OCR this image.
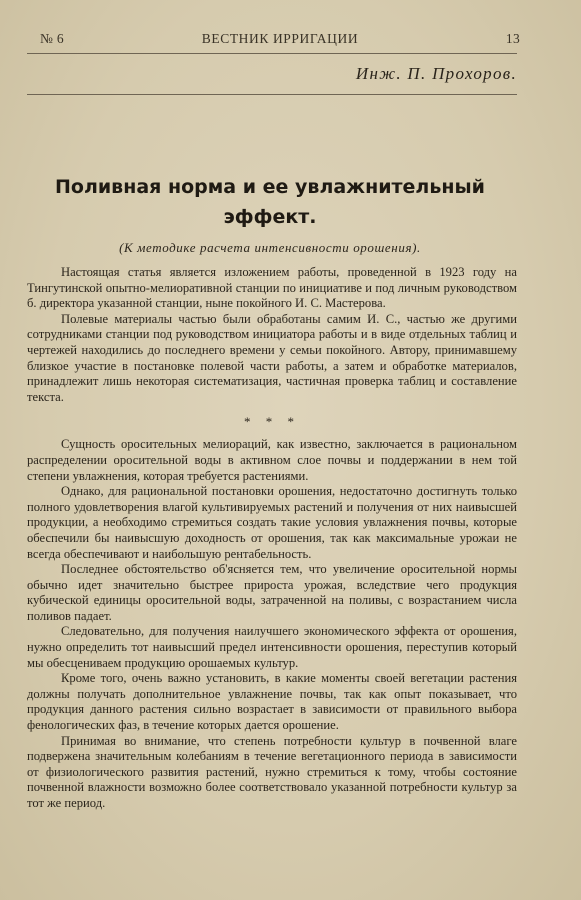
№ 6	ВЕСТНИК ИРРИГАЦИИ	13
Инж. П. Прохоров.
Поливная норма и ее увлажнительный
эффект.
(К методике расчета интенсивности орошения).

Настоящая статья является изложением работы, проведенной в 1923 году на Тингутинской опытно-мелиоративной станции по инициативе и под личным руководством б. директора указанной станции, ныне покойного И. С. Мастерова.

Полевые материалы частью были обработаны самим И. С., частью же другими сотрудниками станции под руководством инициатора работы и в виде отдельных таблиц и чертежей находились до последнего времени у семьи покойного. Автору, принимавшему близкое участие в постановке полевой части работы, а затем и обработке материалов, принадлежит лишь некоторая систематизация, частичная проверка таблиц и составление текста.

* * *

Сущность оросительных мелиораций, как известно, заключается в рациональном распределении оросительной воды в активном слое почвы и поддержании в нем той степени увлажнения, которая требуется растениями.

Однако, для рациональной постановки орошения, недостаточно достигнуть только полного удовлетворения влагой культивируемых растений и получения от них наивысшей продукции, а необходимо стремиться создать такие условия увлажнения почвы, которые обеспечили бы наивысшую доходность от орошения, так как максимальные урожаи не всегда обеспечивают и наибольшую рентабельность.

Последнее обстоятельство об'ясняется тем, что увеличение оросительной нормы обычно идет значительно быстрее прироста урожая, вследствие чего продукция кубической единицы оросительной воды, затраченной на поливы, с возрастанием числа поливов падает.

Следовательно, для получения наилучшего экономического эффекта от орошения, нужно определить тот наивысший предел интенсивности орошения, переступив который мы обесцениваем продукцию орошаемых культур.

Кроме того, очень важно установить, в какие моменты своей вегетации растения должны получать дополнительное увлажнение почвы, так как опыт показывает, что продукция данного растения сильно возрастает в зависимости от правильного выбора фенологических фаз, в течение которых дается орошение.

Принимая во внимание, что степень потребности культур в почвенной влаге подвержена значительным колебаниям в течение вегетационного периода в зависимости от физиологического развития растений, нужно стремиться к тому, чтобы состояние почвенной влажности возможно более соответствовало указанной потребности культур за тот же период.
